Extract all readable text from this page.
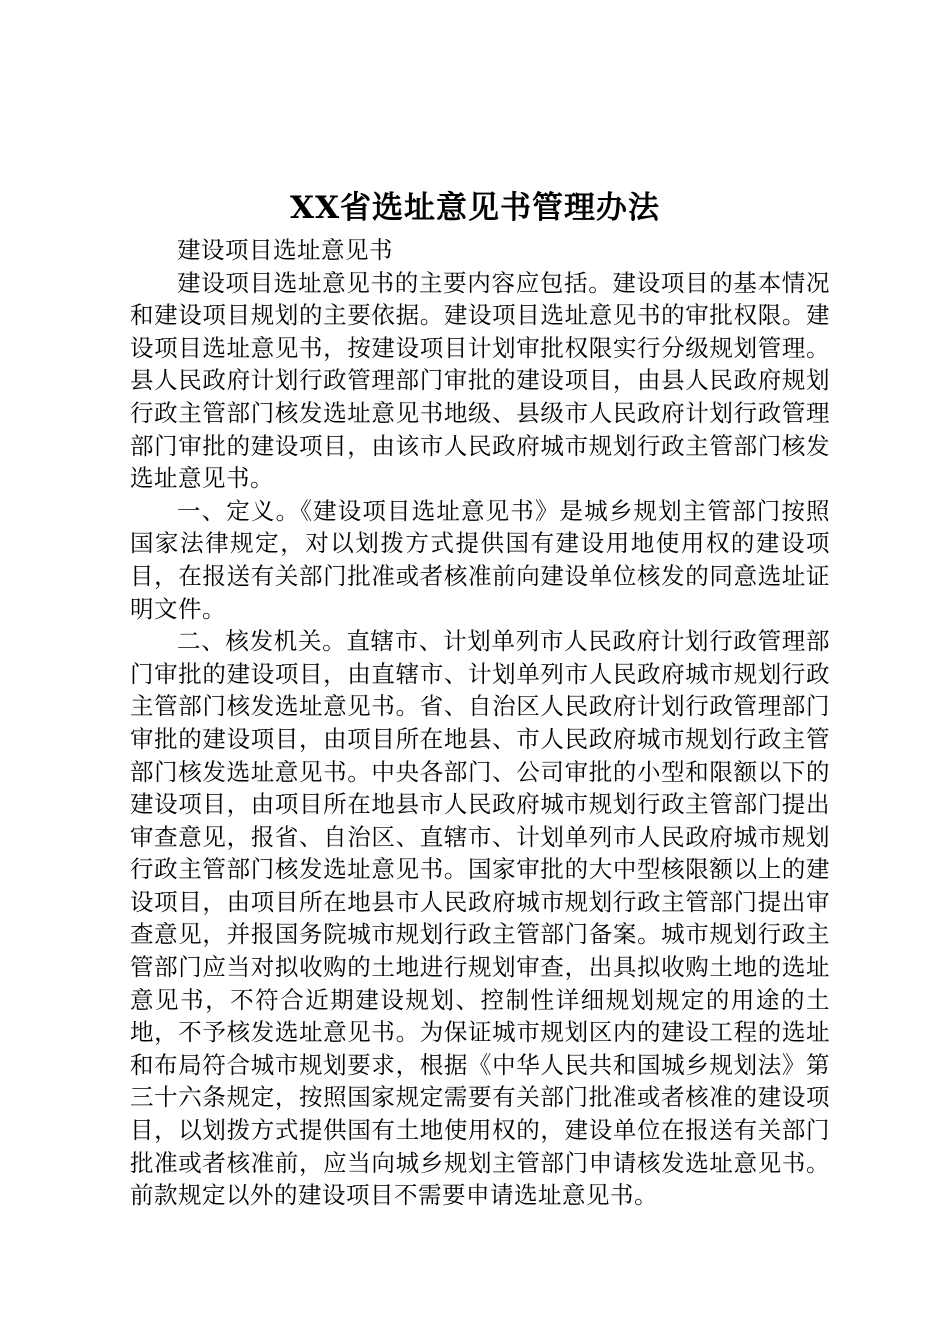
XX省选址意见书管理办法

建设项目选址意见书

建设项目选址意见书的主要内容应包括。建设项目的基本情况和建设项目规划的主要依据。建设项目选址意见书的审批权限。建设项目选址意见书，按建设项目计划审批权限实行分级规划管理。县人民政府计划行政管理部门审批的建设项目，由县人民政府规划行政主管部门核发选址意见书地级、县级市人民政府计划行政管理部门审批的建设项目，由该市人民政府城市规划行政主管部门核发选址意见书。

一、定义。《建设项目选址意见书》是城乡规划主管部门按照国家法律规定，对以划拨方式提供国有建设用地使用权的建设项目，在报送有关部门批准或者核准前向建设单位核发的同意选址证明文件。

二、核发机关。直辖市、计划单列市人民政府计划行政管理部门审批的建设项目，由直辖市、计划单列市人民政府城市规划行政主管部门核发选址意见书。省、自治区人民政府计划行政管理部门审批的建设项目，由项目所在地县、市人民政府城市规划行政主管部门核发选址意见书。中央各部门、公司审批的小型和限额以下的建设项目，由项目所在地县市人民政府城市规划行政主管部门提出审查意见，报省、自治区、直辖市、计划单列市人民政府城市规划行政主管部门核发选址意见书。国家审批的大中型核限额以上的建设项目，由项目所在地县市人民政府城市规划行政主管部门提出审查意见，并报国务院城市规划行政主管部门备案。城市规划行政主管部门应当对拟收购的土地进行规划审查，出具拟收购土地的选址意见书，不符合近期建设规划、控制性详细规划规定的用途的土地，不予核发选址意见书。为保证城市规划区内的建设工程的选址和布局符合城市规划要求，根据《中华人民共和国城乡规划法》第三十六条规定，按照国家规定需要有关部门批准或者核准的建设项目，以划拨方式提供国有土地使用权的，建设单位在报送有关部门批准或者核准前，应当向城乡规划主管部门申请核发选址意见书。前款规定以外的建设项目不需要申请选址意见书。
